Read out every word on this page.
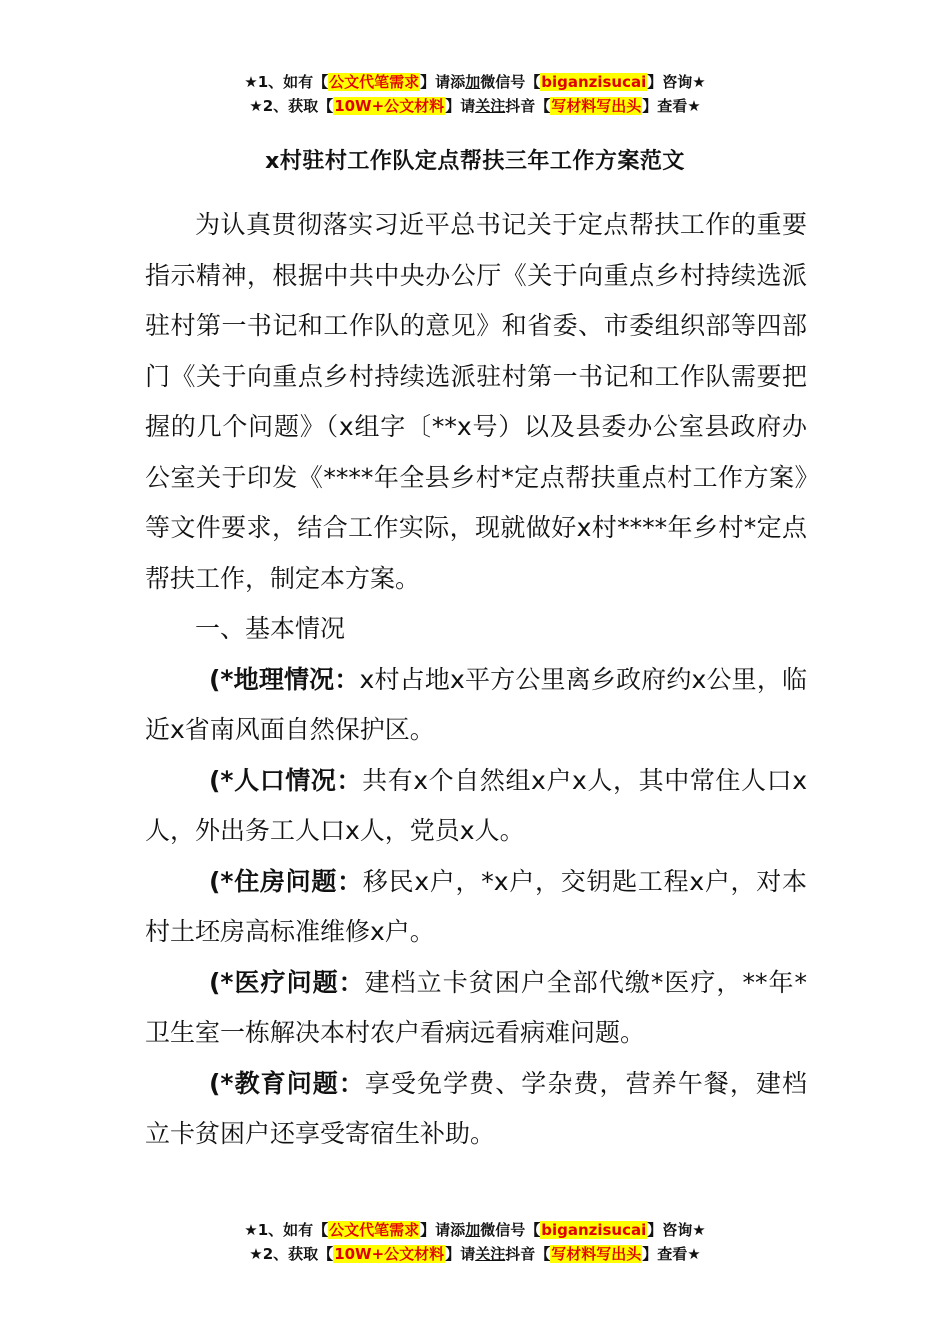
★1、如有【公文代笔需求】请添加微信号【biganzisucai】咨询★
★2、获取【10W+公文材料】请关注抖音【写材料写出头】查看★
x村驻村工作队定点帮扶三年工作方案范文

为认真贯彻落实习近平总书记关于定点帮扶工作的重要指示精神，根据中共中央办公厅《关于向重点乡村持续选派驻村第一书记和工作队的意见》和省委、市委组织部等四部门《关于向重点乡村持续选派驻村第一书记和工作队需要把握的几个问题》（x组字〔**x号）以及县委办公室县政府办公室关于印发《****年全县乡村*定点帮扶重点村工作方案》等文件要求，结合工作实际，现就做好x村****年乡村*定点帮扶工作，制定本方案。

一、基本情况

(*地理情况：x村占地x平方公里离乡政府约x公里，临近x省南风面自然保护区。

(*人口情况：共有x个自然组x户x人，其中常住人口x人，外出务工人口x人，党员x人。

(*住房问题：移民x户，*x户，交钥匙工程x户，对本村土坯房高标准维修x户。

(*医疗问题：建档立卡贫困户全部代缴*医疗，**年*卫生室一栋解决本村农户看病远看病难问题。

(*教育问题：享受免学费、学杂费，营养午餐，建档立卡贫困户还享受寄宿生补助。

★1、如有【公文代笔需求】请添加微信号【biganzisucai】咨询★
★2、获取【10W+公文材料】请关注抖音【写材料写出头】查看★
